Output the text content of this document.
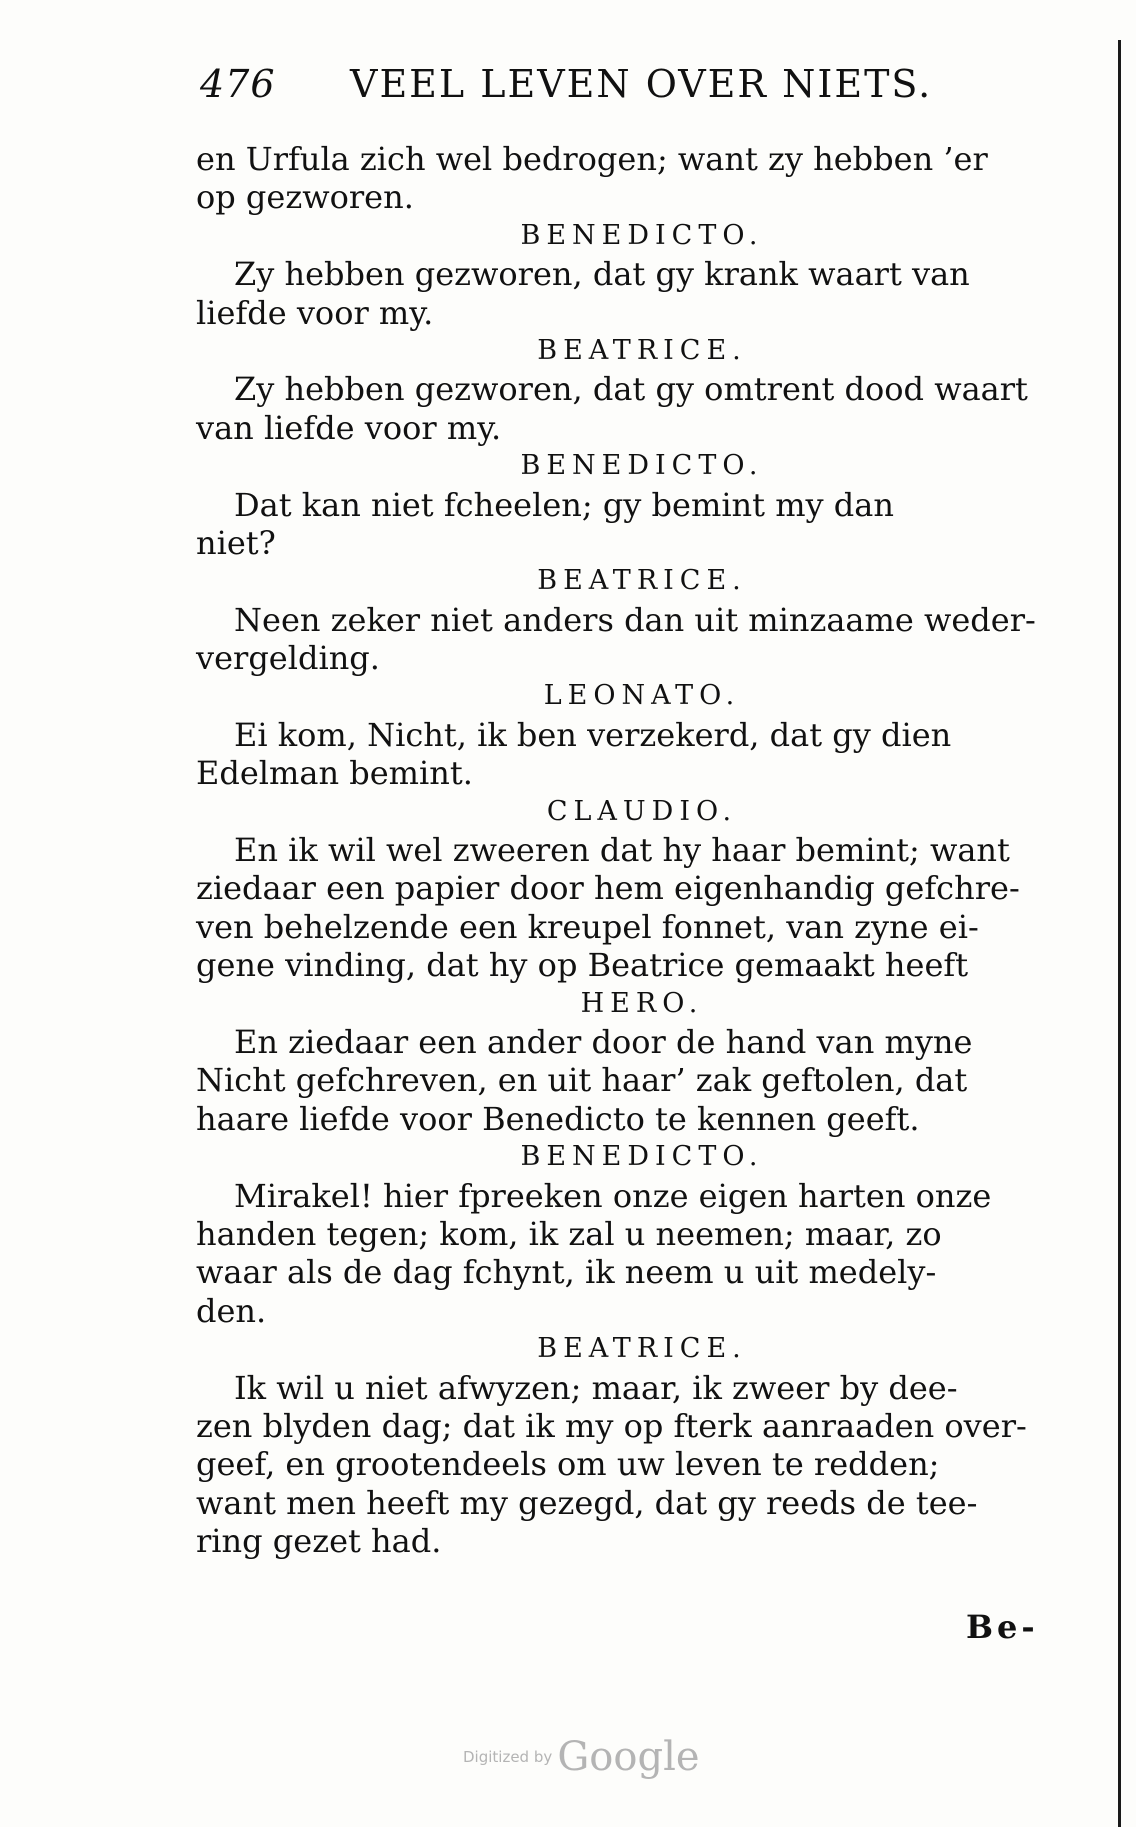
476 VEEL LEVEN OVER NIETS.
en Urfula zich wel bedrogen; want zy hebben ’er
op gezworen.
BENEDICTO.
Zy hebben gezworen, dat gy krank waart van
liefde voor my.
BEATRICE.
Zy hebben gezworen, dat gy omtrent dood waart
van liefde voor my.
BENEDICTO.
Dat kan niet fcheelen; gy bemint my dan
niet?
BEATRICE.
Neen zeker niet anders dan uit minzaame weder-
vergelding.
LEONATO.
Ei kom, Nicht, ik ben verzekerd, dat gy dien
Edelman bemint.
CLAUDIO.
En ik wil wel zweeren dat hy haar bemint; want
ziedaar een papier door hem eigenhandig gefchre-
ven behelzende een kreupel fonnet, van zyne ei-
gene vinding, dat hy op Beatrice gemaakt heeft
HERO.
En ziedaar een ander door de hand van myne
Nicht gefchreven, en uit haar’ zak geftolen, dat
haare liefde voor Benedicto te kennen geeft.
BENEDICTO.
Mirakel! hier fpreeken onze eigen harten onze
handen tegen; kom, ik zal u neemen; maar, zo
waar als de dag fchynt, ik neem u uit medely-
den.
BEATRICE.
Ik wil u niet afwyzen; maar, ik zweer by dee-
zen blyden dag; dat ik my op fterk aanraaden over-
geef, en grootendeels om uw leven te redden;
want men heeft my gezegd, dat gy reeds de tee-
ring gezet had.
Be-
Digitized by Google
